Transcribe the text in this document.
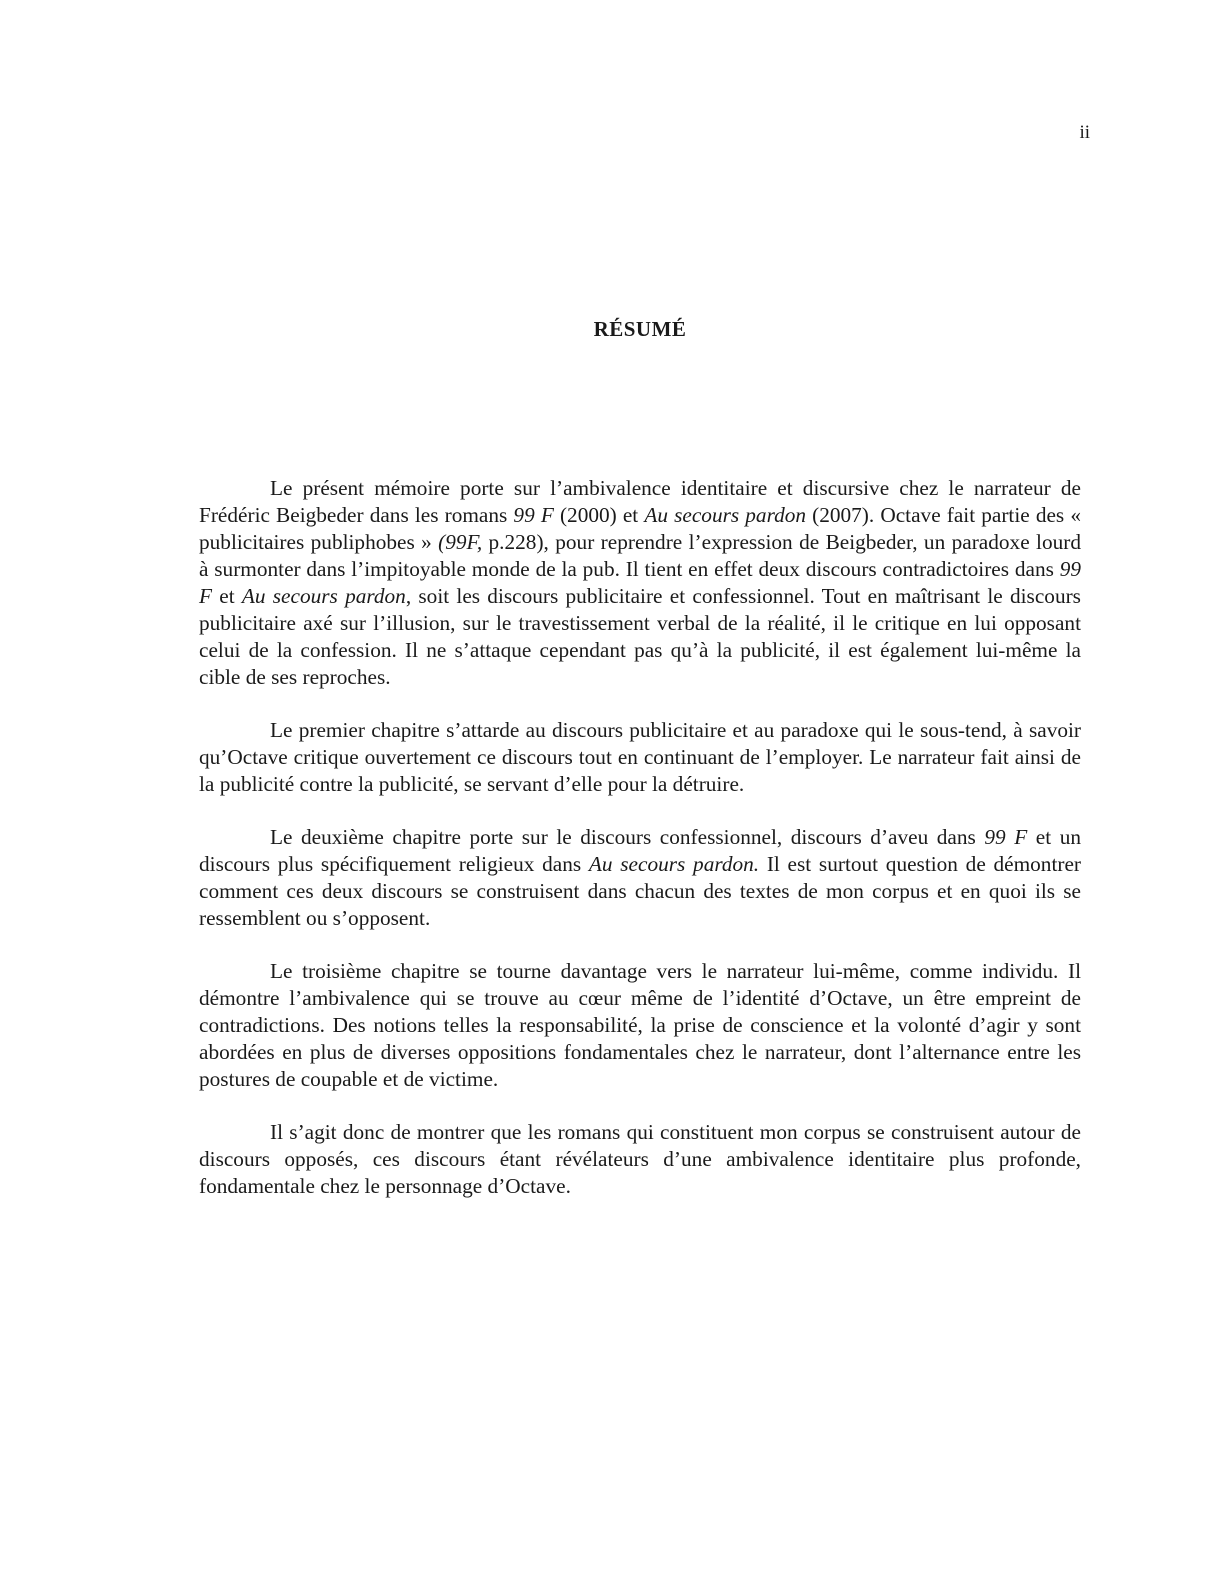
ii
RÉSUMÉ

Le présent mémoire porte sur l’ambivalence identitaire et discursive chez le narrateur de Frédéric Beigbeder dans les romans 99 F (2000) et Au secours pardon (2007). Octave fait partie des « publicitaires publiphobes » (99F, p.228), pour reprendre l’expression de Beigbeder, un paradoxe lourd à surmonter dans l’impitoyable monde de la pub. Il tient en effet deux discours contradictoires dans 99 F et Au secours pardon, soit les discours publicitaire et confessionnel. Tout en maîtrisant le discours publicitaire axé sur l’illusion, sur le travestissement verbal de la réalité, il le critique en lui opposant celui de la confession. Il ne s’attaque cependant pas qu’à la publicité, il est également lui-même la cible de ses reproches.

Le premier chapitre s’attarde au discours publicitaire et au paradoxe qui le sous-tend, à savoir qu’Octave critique ouvertement ce discours tout en continuant de l’employer. Le narrateur fait ainsi de la publicité contre la publicité, se servant d’elle pour la détruire.

Le deuxième chapitre porte sur le discours confessionnel, discours d’aveu dans 99 F et un discours plus spécifiquement religieux dans Au secours pardon. Il est surtout question de démontrer comment ces deux discours se construisent dans chacun des textes de mon corpus et en quoi ils se ressemblent ou s’opposent.

Le troisième chapitre se tourne davantage vers le narrateur lui-même, comme individu. Il démontre l’ambivalence qui se trouve au cœur même de l’identité d’Octave, un être empreint de contradictions. Des notions telles la responsabilité, la prise de conscience et la volonté d’agir y sont abordées en plus de diverses oppositions fondamentales chez le narrateur, dont l’alternance entre les postures de coupable et de victime.

Il s’agit donc de montrer que les romans qui constituent mon corpus se construisent autour de discours opposés, ces discours étant révélateurs d’une ambivalence identitaire plus profonde, fondamentale chez le personnage d’Octave.
